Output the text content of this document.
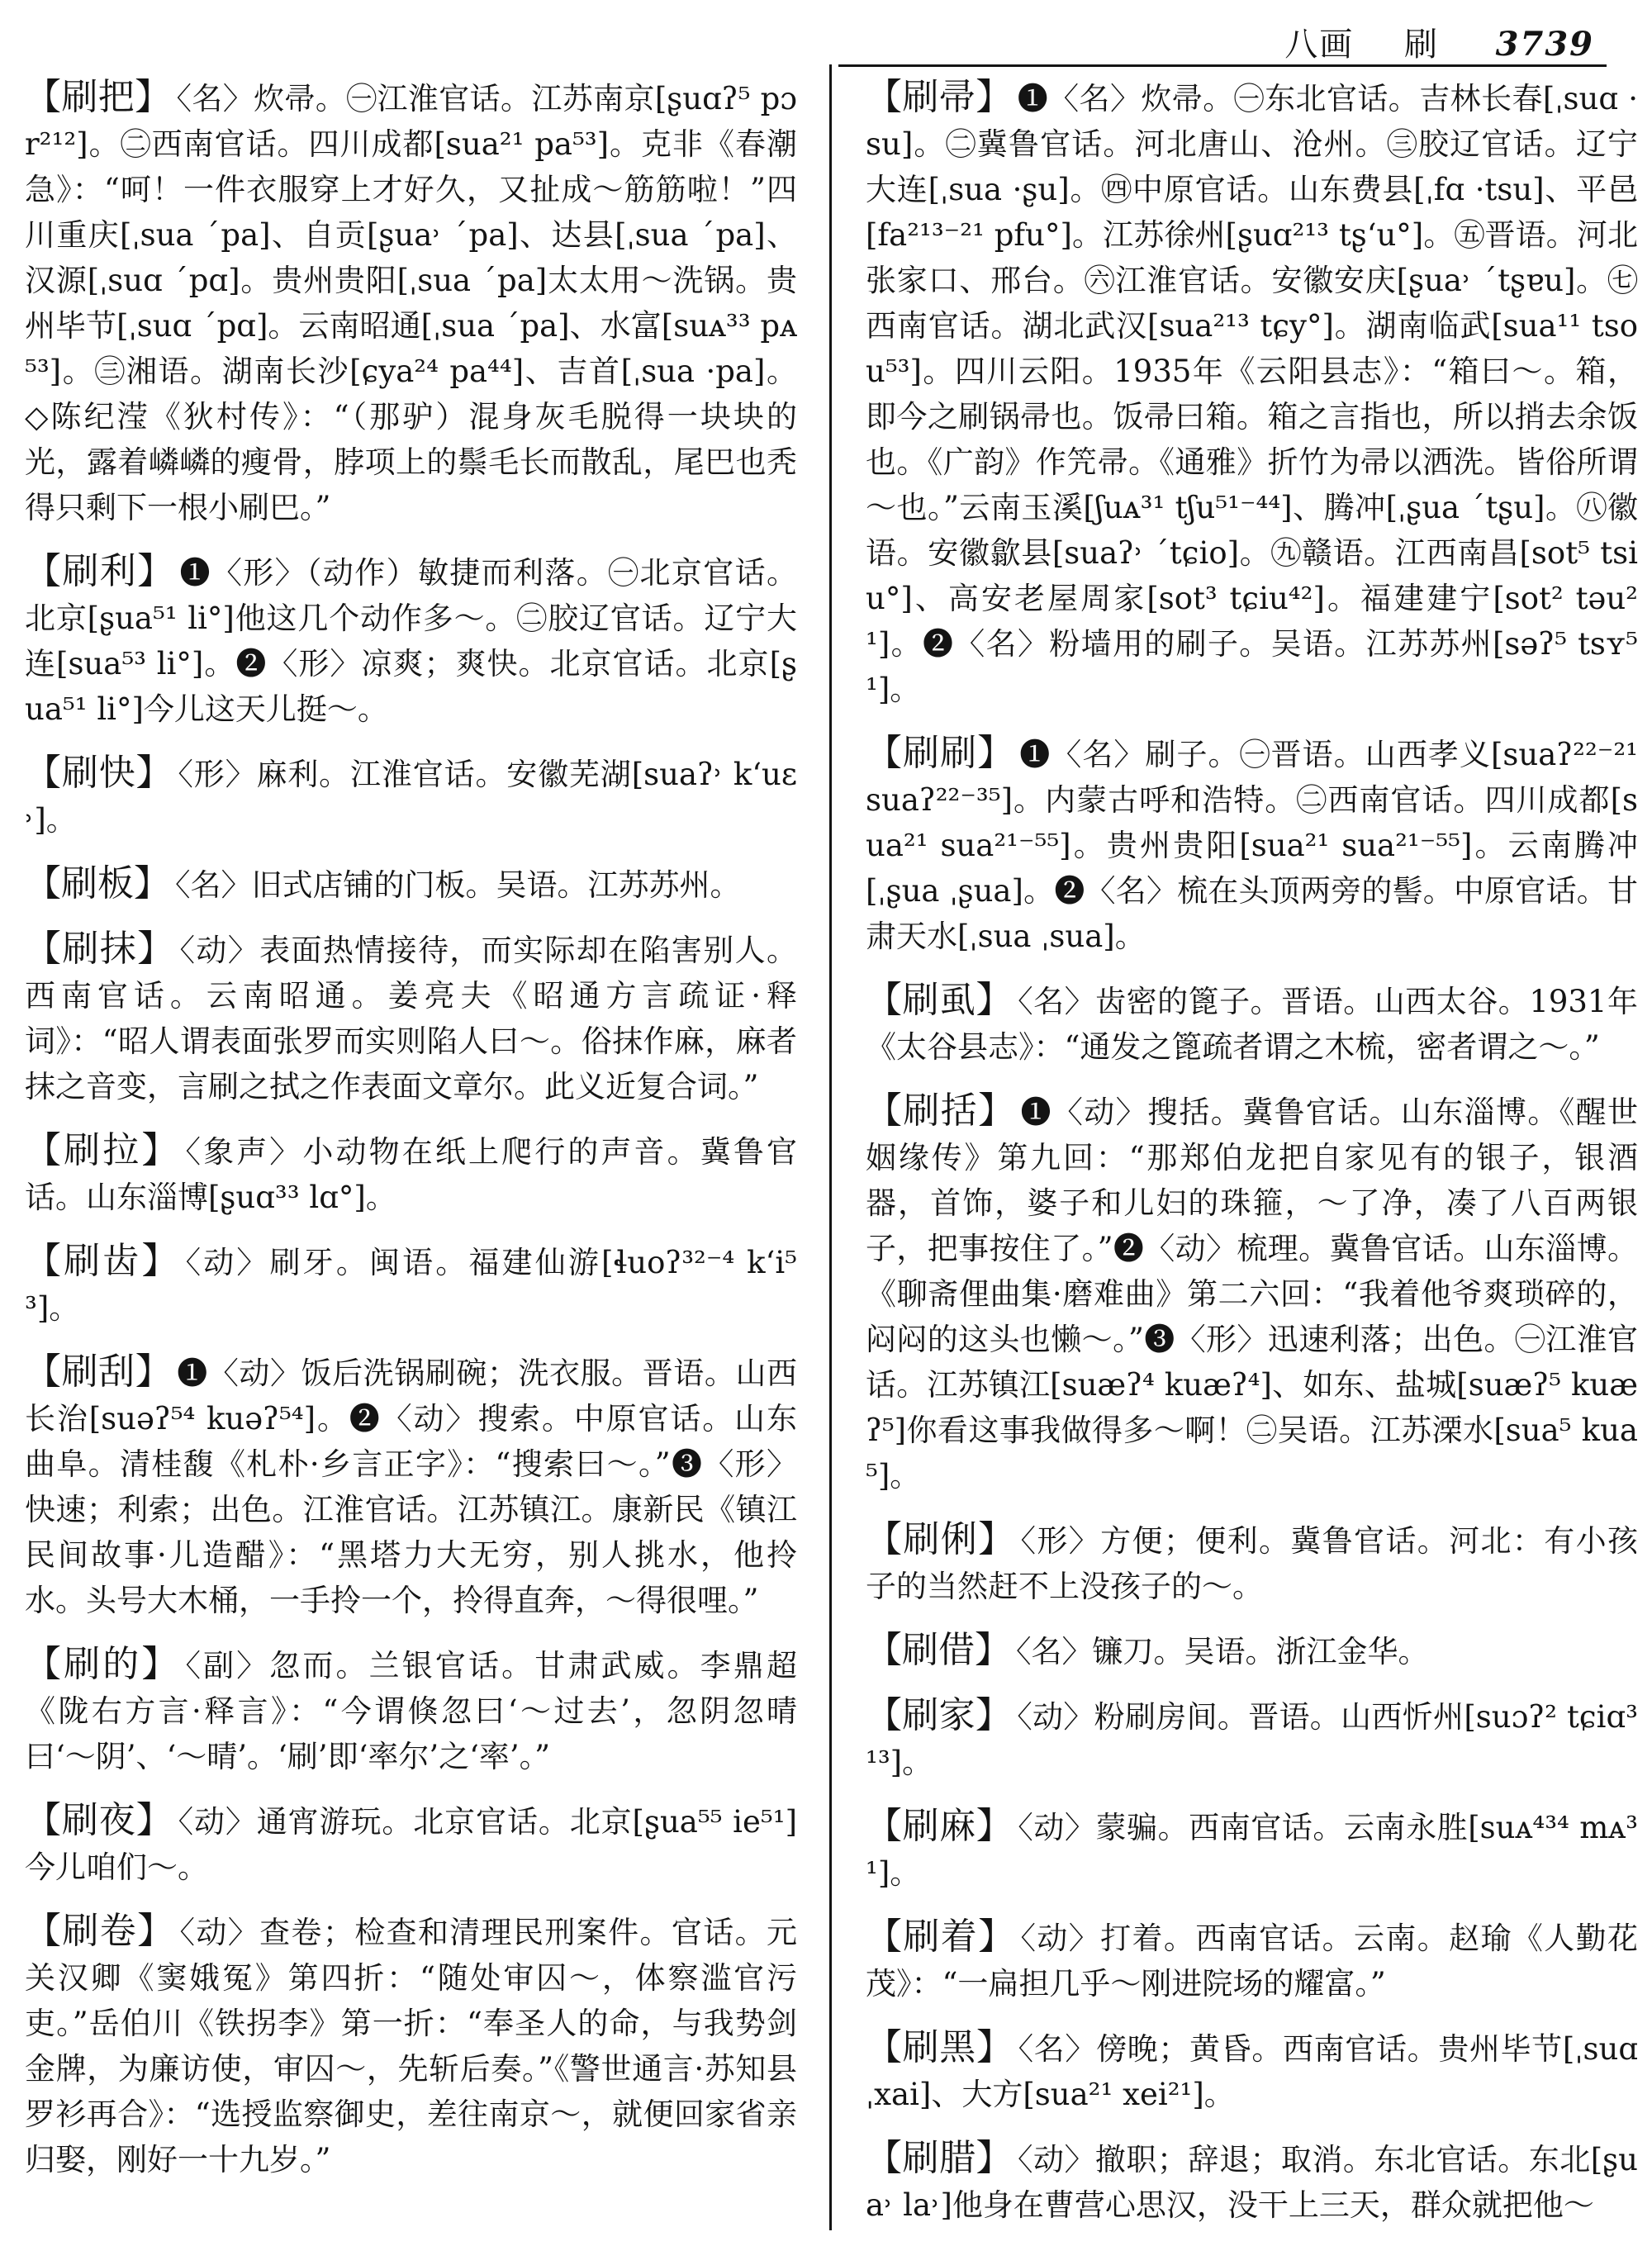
八画 刷 3739

【刷把】 〈名〉炊帚。㊀江淮官话。江苏南京[ʂuɑʔ⁵ pɔr²¹²]。㊁西南官话。四川成都[sua²¹ pa⁵³]。克非《春潮急》：“呵！一件衣服穿上才好久，又扯成～筋筋啦！”四川重庆[ˌsua ˊpa]、自贡[ʂua˒ ˊpa]、达县[ˌsua ˊpa]、汉源[ˌsuɑ ˊpɑ]。贵州贵阳[ˌsua ˊpa]太太用～洗锅。贵州毕节[ˌsuɑ ˊpɑ]。云南昭通[ˌsua ˊpa]、水富[suᴀ³³ pᴀ⁵³]。㊂湘语。湖南长沙[ɕya²⁴ pa⁴⁴]、吉首[ˌsua ·pa]。◇陈纪滢《狄村传》：“（那驴）混身灰毛脱得一块块的光，露着嶙嶙的瘦骨，脖项上的鬃毛长而散乱，尾巴也秃得只剩下一根小刷巴。”

【刷利】 ❶〈形〉（动作）敏捷而利落。㊀北京官话。北京[ʂua⁵¹ li°]他这几个动作多～。㊁胶辽官话。辽宁大连[sua⁵³ li°]。❷〈形〉凉爽；爽快。北京官话。北京[ʂua⁵¹ li°]今儿这天儿挺～。

【刷快】 〈形〉麻利。江淮官话。安徽芜湖[suaʔ˒ kʻuɛ˒]。

【刷板】 〈名〉旧式店铺的门板。吴语。江苏苏州。

【刷抹】 〈动〉表面热情接待，而实际却在陷害别人。西南官话。云南昭通。姜亮夫《昭通方言疏证·释词》：“昭人谓表面张罗而实则陷人曰～。俗抹作麻，麻者抹之音变，言刷之拭之作表面文章尔。此义近复合词。”

【刷拉】 〈象声〉小动物在纸上爬行的声音。冀鲁官话。山东淄博[ʂuɑ³³ lɑ°]。

【刷齿】 〈动〉刷牙。闽语。福建仙游[ɬuoʔ³²⁻⁴ kʻi⁵³]。

【刷刮】 ❶〈动〉饭后洗锅刷碗；洗衣服。晋语。山西长治[suəʔ⁵⁴ kuəʔ⁵⁴]。❷〈动〉搜索。中原官话。山东曲阜。清桂馥《札朴·乡言正字》：“搜索曰～。”❸〈形〉快速；利索；出色。江淮官话。江苏镇江。康新民《镇江民间故事·儿造醋》：“黑塔力大无穷，别人挑水，他拎水。头号大木桶，一手拎一个，拎得直奔，～得很哩。”

【刷的】 〈副〉忽而。兰银官话。甘肃武威。李鼎超《陇右方言·释言》：“今谓倏忽曰‘～过去’，忽阴忽晴曰‘～阴’、‘～晴’。‘刷’即‘率尔’之‘率’。”

【刷夜】 〈动〉通宵游玩。北京官话。北京[ʂua⁵⁵ ie⁵¹]今儿咱们～。

【刷卷】 〈动〉查卷；检查和清理民刑案件。官话。元关汉卿《窦娥冤》第四折：“随处审囚～，体察滥官污吏。”岳伯川《铁拐李》第一折：“奉圣人的命，与我势剑金牌，为廉访使，审囚～，先斩后奏。”《警世通言·苏知县罗衫再合》：“选授监察御史，差往南京～，就便回家省亲归娶，刚好一十九岁。”

【刷帚】 ❶〈名〉炊帚。㊀东北官话。吉林长春[ˌsuɑ ·su]。㊁冀鲁官话。河北唐山、沧州。㊂胶辽官话。辽宁大连[ˌsua ·ʂu]。㊃中原官话。山东费县[ˌfɑ ·tsu]、平邑[fa²¹³⁻²¹ pfu°]。江苏徐州[ʂuɑ²¹³ tʂʻu°]。㊄晋语。河北张家口、邢台。㊅江淮官话。安徽安庆[ʂua˒ ˊtʂɐu]。㊆西南官话。湖北武汉[sua²¹³ tɕy°]。湖南临武[sua¹¹ tsou⁵³]。四川云阳。1935年《云阳县志》：“箱曰～。箱，即今之刷锅帚也。饭帚曰箱。箱之言指也，所以捎去余饭也。《广韵》作笐帚。《通雅》折竹为帚以洒洗。皆俗所谓～也。”云南玉溪[ʃuᴀ³¹ tʃu⁵¹⁻⁴⁴]、腾冲[ˌʂua ˊtʂu]。㊇徽语。安徽歙县[suaʔ˒ ˊtɕio]。㊈赣语。江西南昌[sot⁵ tsiu°]、高安老屋周家[sot³ tɕiu⁴²]。福建建宁[sot² təu²¹]。❷〈名〉粉墙用的刷子。吴语。江苏苏州[səʔ⁵ tsʏ⁵¹]。

【刷刷】 ❶〈名〉刷子。㊀晋语。山西孝义[suaʔ²²⁻²¹ suaʔ²²⁻³⁵]。内蒙古呼和浩特。㊁西南官话。四川成都[sua²¹ sua²¹⁻⁵⁵]。贵州贵阳[sua²¹ sua²¹⁻⁵⁵]。云南腾冲[ˌʂua ˌʂua]。❷〈名〉梳在头顶两旁的髻。中原官话。甘肃天水[ˌsua ˌsua]。

【刷虱】 〈名〉齿密的篦子。晋语。山西太谷。1931年《太谷县志》：“通发之篦疏者谓之木梳，密者谓之～。”

【刷括】 ❶〈动〉搜括。冀鲁官话。山东淄博。《醒世姻缘传》第九回：“那郑伯龙把自家见有的银子，银酒器，首饰，婆子和儿妇的珠箍，～了净，凑了八百两银子，把事按住了。”❷〈动〉梳理。冀鲁官话。山东淄博。《聊斋俚曲集·磨难曲》第二六回：“我着他爷爽琐碎的，闷闷的这头也懒～。”❸〈形〉迅速利落；出色。㊀江淮官话。江苏镇江[suæʔ⁴ kuæʔ⁴]、如东、盐城[suæʔ⁵ kuæʔ⁵]你看这事我做得多～啊！㊁吴语。江苏溧水[sua⁵ kua⁵]。

【刷俐】 〈形〉方便；便利。冀鲁官话。河北：有小孩子的当然赶不上没孩子的～。

【刷借】 〈名〉镰刀。吴语。浙江金华。

【刷家】 〈动〉粉刷房间。晋语。山西忻州[suɔʔ² tɕiɑ³¹³]。

【刷麻】 〈动〉蒙骗。西南官话。云南永胜[suᴀ⁴³⁴ mᴀ³¹]。

【刷着】 〈动〉打着。西南官话。云南。赵瑜《人勤花茂》：“一扁担几乎～刚进院场的耀富。”

【刷黑】 〈名〉傍晚；黄昏。西南官话。贵州毕节[ˌsuɑ ˌxai]、大方[sua²¹ xei²¹]。

【刷腊】 〈动〉撤职；辞退；取消。东北官话。东北[ʂua˒ la˒]他身在曹营心思汉，没干上三天，群众就把他～
